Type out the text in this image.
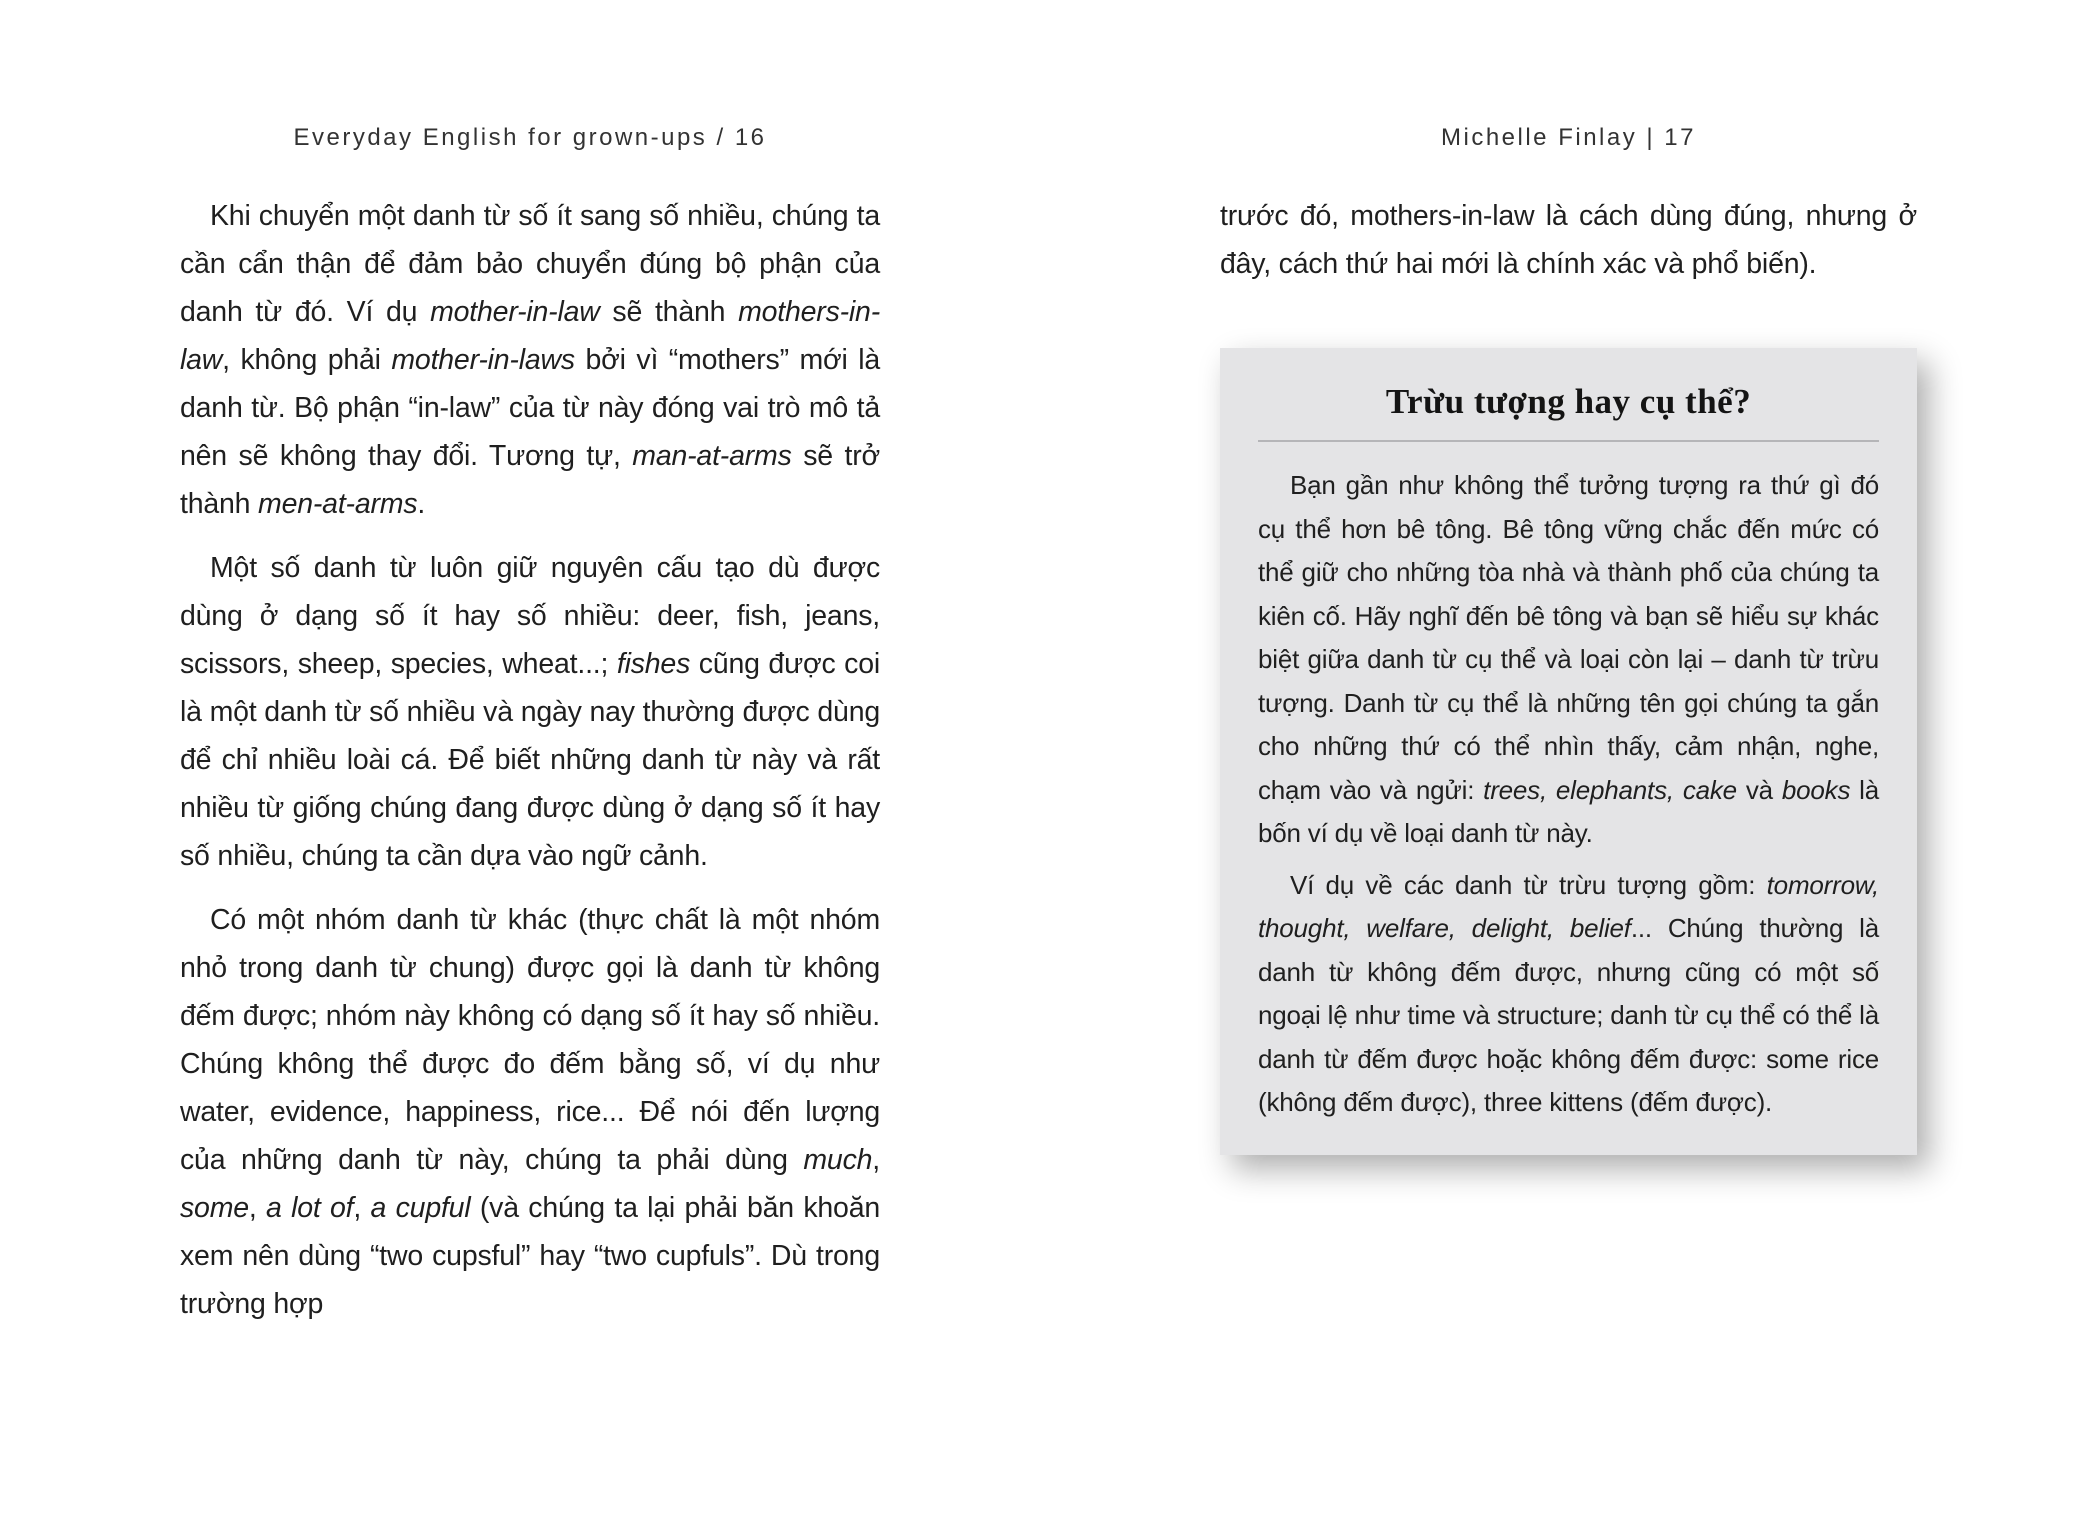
Everyday English for grown-ups / 16

Khi chuyển một danh từ số ít sang số nhiều, chúng ta cần cẩn thận để đảm bảo chuyển đúng bộ phận của danh từ đó. Ví dụ mother-in-law sẽ thành mothers-in-law, không phải mother-in-laws bởi vì “mothers” mới là danh từ. Bộ phận “in-law” của từ này đóng vai trò mô tả nên sẽ không thay đổi. Tương tự, man-at-arms sẽ trở thành men-at-arms.

Một số danh từ luôn giữ nguyên cấu tạo dù được dùng ở dạng số ít hay số nhiều: deer, fish, jeans, scissors, sheep, species, wheat...; fishes cũng được coi là một danh từ số nhiều và ngày nay thường được dùng để chỉ nhiều loài cá. Để biết những danh từ này và rất nhiều từ giống chúng đang được dùng ở dạng số ít hay số nhiều, chúng ta cần dựa vào ngữ cảnh.

Có một nhóm danh từ khác (thực chất là một nhóm nhỏ trong danh từ chung) được gọi là danh từ không đếm được; nhóm này không có dạng số ít hay số nhiều. Chúng không thể được đo đếm bằng số, ví dụ như water, evidence, happiness, rice... Để nói đến lượng của những danh từ này, chúng ta phải dùng much, some, a lot of, a cupful (và chúng ta lại phải băn khoăn xem nên dùng “two cupsful” hay “two cupfuls”. Dù trong trường hợp

Michelle Finlay | 17

trước đó, mothers-in-law là cách dùng đúng, nhưng ở đây, cách thứ hai mới là chính xác và phổ biến).

Trừu tượng hay cụ thể?

Bạn gần như không thể tưởng tượng ra thứ gì đó cụ thể hơn bê tông. Bê tông vững chắc đến mức có thể giữ cho những tòa nhà và thành phố của chúng ta kiên cố. Hãy nghĩ đến bê tông và bạn sẽ hiểu sự khác biệt giữa danh từ cụ thể và loại còn lại – danh từ trừu tượng. Danh từ cụ thể là những tên gọi chúng ta gắn cho những thứ có thể nhìn thấy, cảm nhận, nghe, chạm vào và ngửi: trees, elephants, cake và books là bốn ví dụ về loại danh từ này.

Ví dụ về các danh từ trừu tượng gồm: tomorrow, thought, welfare, delight, belief... Chúng thường là danh từ không đếm được, nhưng cũng có một số ngoại lệ như time và structure; danh từ cụ thể có thể là danh từ đếm được hoặc không đếm được: some rice (không đếm được), three kittens (đếm được).
